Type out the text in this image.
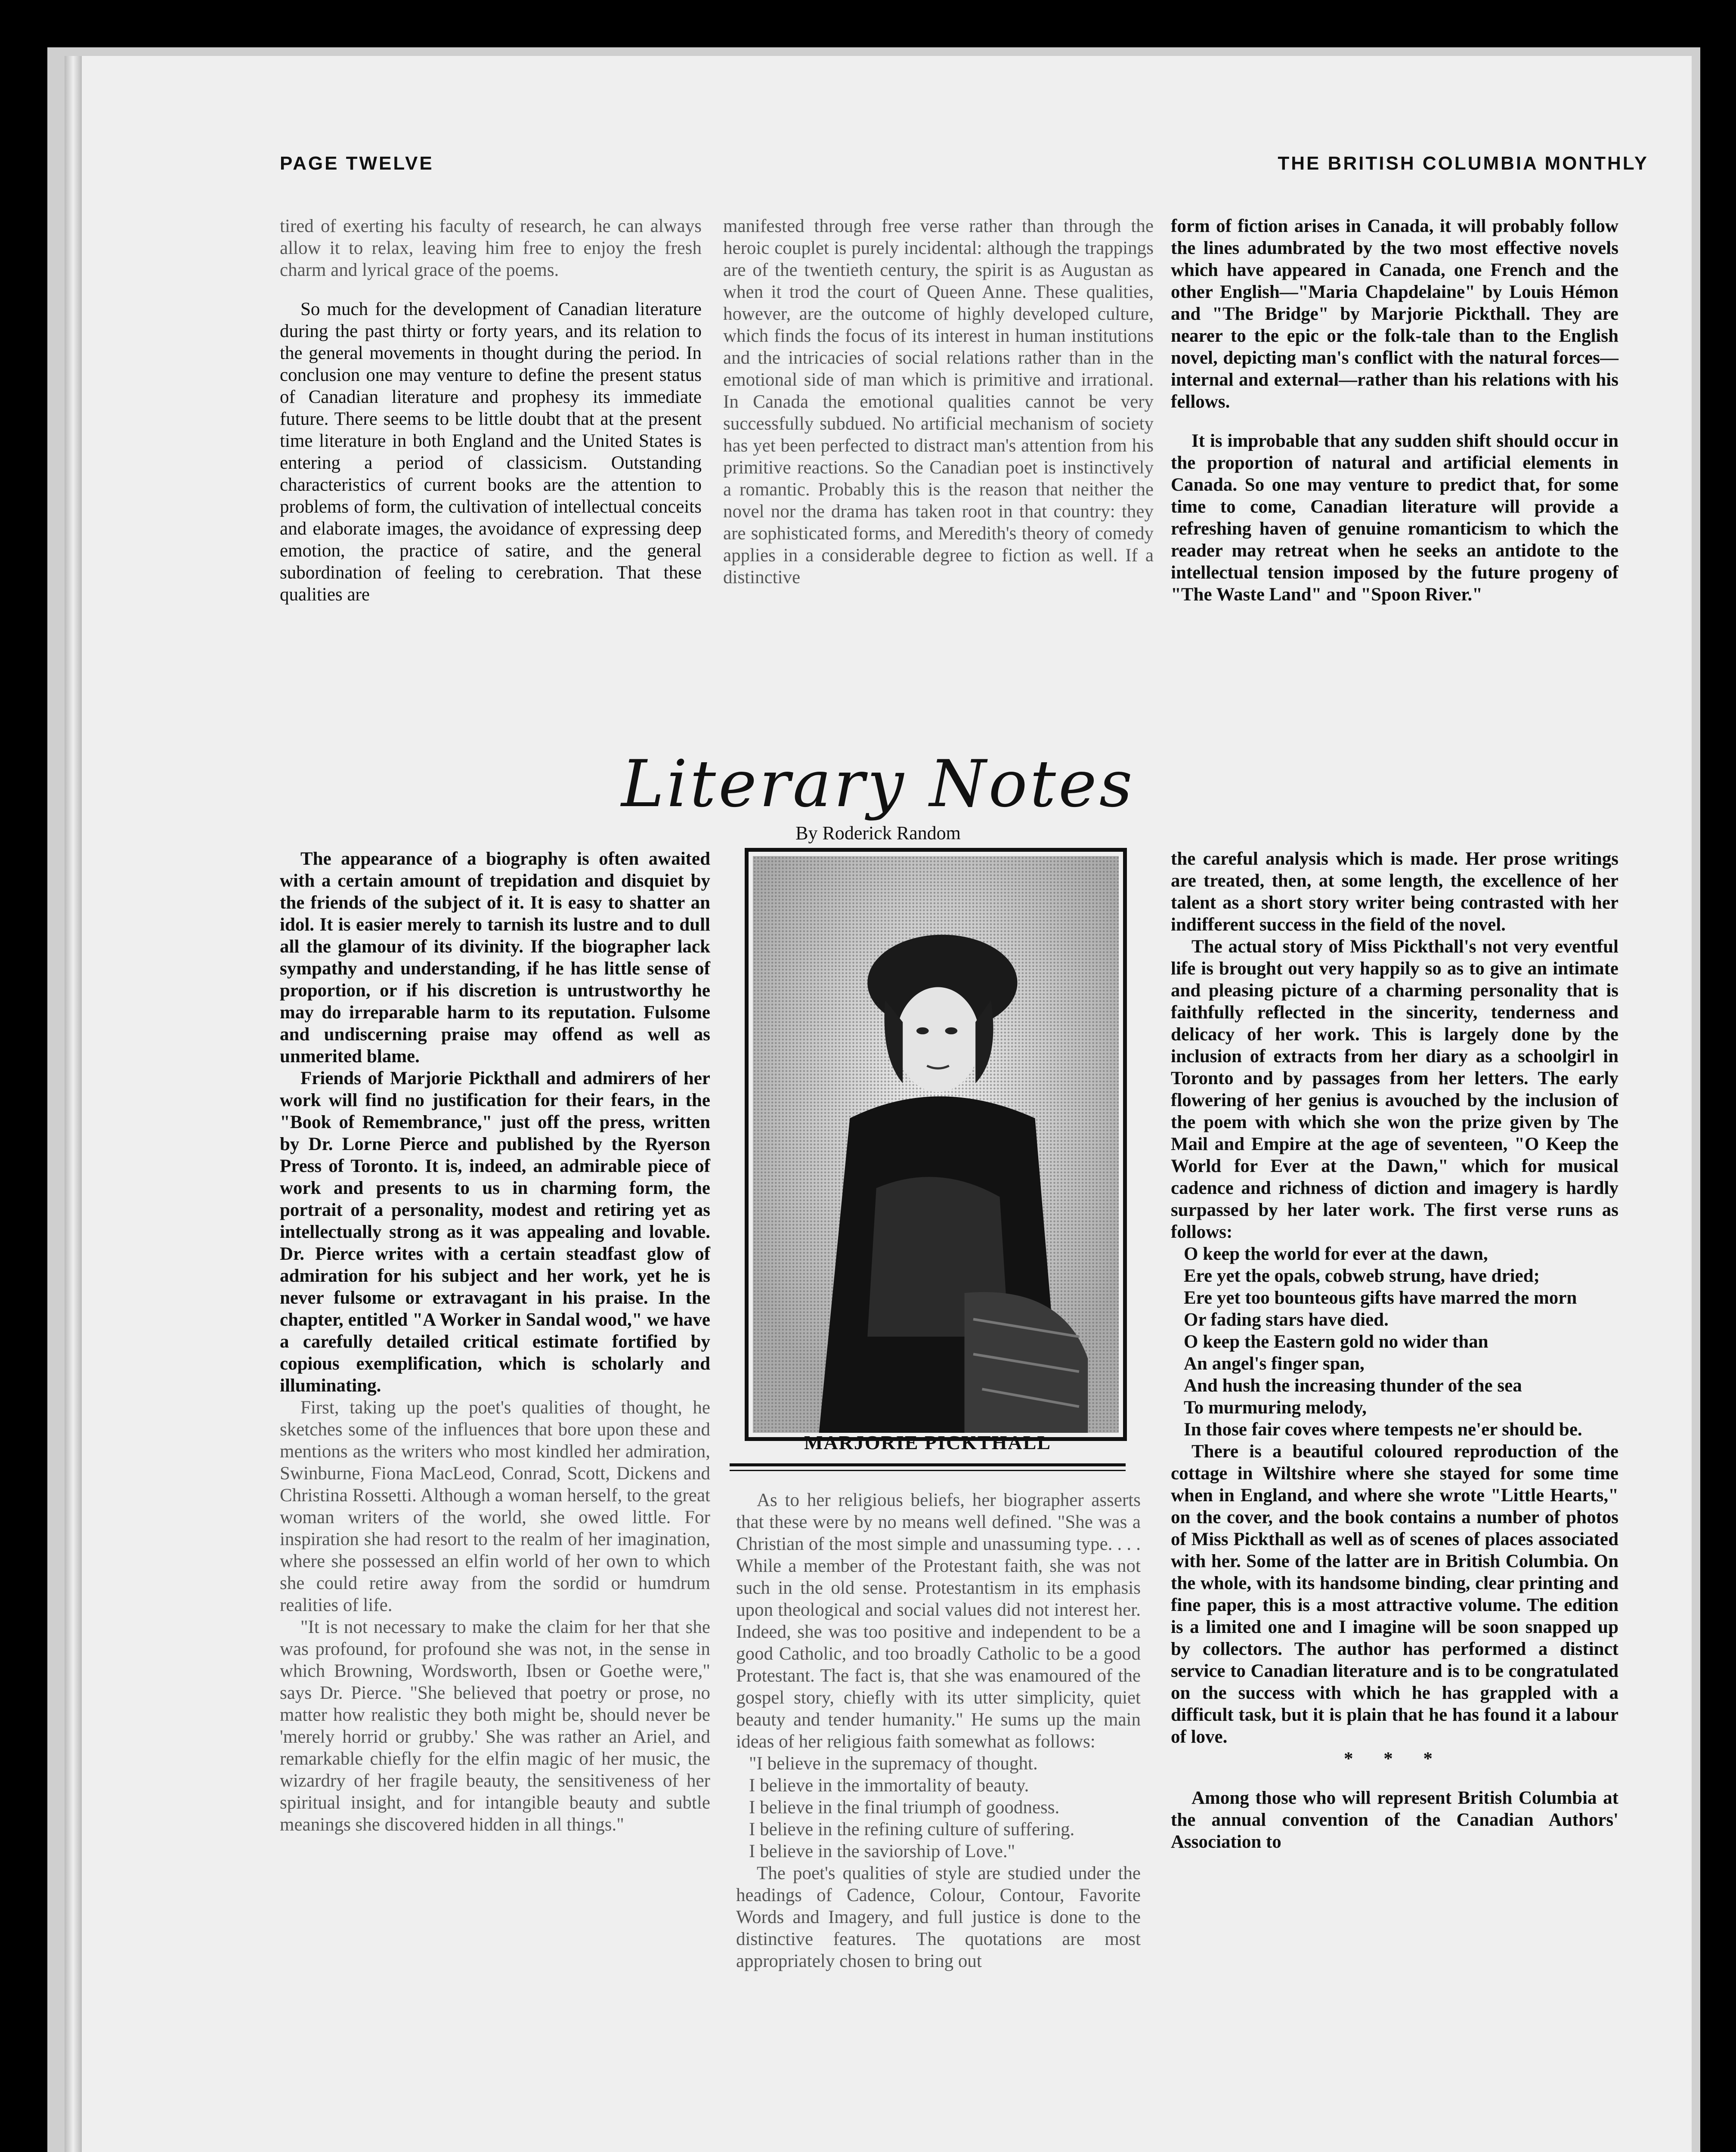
PAGE TWELVE	THE BRITISH COLUMBIA MONTHLY

tired of exerting his faculty of research, he can always allow it to relax, leaving him free to enjoy the fresh charm and lyrical grace of the poems.

So much for the development of Canadian literature during the past thirty or forty years, and its relation to the general movements in thought during the period. In conclusion one may venture to define the present status of Canadian literature and prophesy its immediate future. There seems to be little doubt that at the present time literature in both England and the United States is entering a period of classicism. Outstanding characteristics of current books are the attention to problems of form, the cultivation of intellectual conceits and elaborate images, the avoidance of expressing deep emotion, the practice of satire, and the general subordination of feeling to cerebration. That these qualities are

manifested through free verse rather than through the heroic couplet is purely incidental: although the trappings are of the twentieth century, the spirit is as Augustan as when it trod the court of Queen Anne. These qualities, however, are the outcome of highly developed culture, which finds the focus of its interest in human institutions and the intricacies of social relations rather than in the emotional side of man which is primitive and irrational. In Canada the emotional qualities cannot be very successfully subdued. No artificial mechanism of society has yet been perfected to distract man's attention from his primitive reactions. So the Canadian poet is instinctively a romantic. Probably this is the reason that neither the novel nor the drama has taken root in that country: they are sophisticated forms, and Meredith's theory of comedy applies in a considerable degree to fiction as well. If a distinctive

form of fiction arises in Canada, it will probably follow the lines adumbrated by the two most effective novels which have appeared in Canada, one French and the other English—"Maria Chapdelaine" by Louis Hémon and "The Bridge" by Marjorie Pickthall. They are nearer to the epic or the folk-tale than to the English novel, depicting man's conflict with the natural forces—internal and external—rather than his relations with his fellows.

It is improbable that any sudden shift should occur in the proportion of natural and artificial elements in Canada. So one may venture to predict that, for some time to come, Canadian literature will provide a refreshing haven of genuine romanticism to which the reader may retreat when he seeks an antidote to the intellectual tension imposed by the future progeny of "The Waste Land" and "Spoon River."

Literary Notes
By Roderick Random

The appearance of a biography is often awaited with a certain amount of trepidation and disquiet by the friends of the subject of it. It is easy to shatter an idol. It is easier merely to tarnish its lustre and to dull all the glamour of its divinity. If the biographer lack sympathy and understanding, if he has little sense of proportion, or if his discretion is untrustworthy he may do irreparable harm to its reputation. Fulsome and undiscerning praise may offend as well as unmerited blame.

Friends of Marjorie Pickthall and admirers of her work will find no justification for their fears, in the "Book of Remembrance," just off the press, written by Dr. Lorne Pierce and published by the Ryerson Press of Toronto. It is, indeed, an admirable piece of work and presents to us in charming form, the portrait of a personality, modest and retiring yet as intellectually strong as it was appealing and lovable. Dr. Pierce writes with a certain steadfast glow of admiration for his subject and her work, yet he is never fulsome or extravagant in his praise. In the chapter, entitled "A Worker in Sandal wood," we have a carefully detailed critical estimate fortified by copious exemplification, which is scholarly and illuminating.

First, taking up the poet's qualities of thought, he sketches some of the influences that bore upon these and mentions as the writers who most kindled her admiration, Swinburne, Fiona MacLeod, Conrad, Scott, Dickens and Christina Rossetti. Although a woman herself, to the great woman writers of the world, she owed little. For inspiration she had resort to the realm of her imagination, where she possessed an elfin world of her own to which she could retire away from the sordid or humdrum realities of life.

"It is not necessary to make the claim for her that she was profound, for profound she was not, in the sense in which Browning, Wordsworth, Ibsen or Goethe were," says Dr. Pierce. "She believed that poetry or prose, no matter how realistic they both might be, should never be 'merely horrid or grubby.' She was rather an Ariel, and remarkable chiefly for the elfin magic of her music, the wizardry of her fragile beauty, the sensitiveness of her spiritual insight, and for intangible beauty and subtle meanings she discovered hidden in all things."

MARJORIE PICKTHALL

As to her religious beliefs, her biographer asserts that these were by no means well defined. "She was a Christian of the most simple and unassuming type. . . . While a member of the Protestant faith, she was not such in the old sense. Protestantism in its emphasis upon theological and social values did not interest her. Indeed, she was too positive and independent to be a good Catholic, and too broadly Catholic to be a good Protestant. The fact is, that she was enamoured of the gospel story, chiefly with its utter simplicity, quiet beauty and tender humanity." He sums up the main ideas of her religious faith somewhat as follows:

"I believe in the supremacy of thought.

I believe in the immortality of beauty.

I believe in the final triumph of goodness.

I believe in the refining culture of suffering.

I believe in the saviorship of Love."

The poet's qualities of style are studied under the headings of Cadence, Colour, Contour, Favorite Words and Imagery, and full justice is done to the distinctive features. The quotations are most appropriately chosen to bring out

the careful analysis which is made. Her prose writings are treated, then, at some length, the excellence of her talent as a short story writer being contrasted with her indifferent success in the field of the novel.

The actual story of Miss Pickthall's not very eventful life is brought out very happily so as to give an intimate and pleasing picture of a charming personality that is faithfully reflected in the sincerity, tenderness and delicacy of her work. This is largely done by the inclusion of extracts from her diary as a schoolgirl in Toronto and by passages from her letters. The early flowering of her genius is avouched by the inclusion of the poem with which she won the prize given by The Mail and Empire at the age of seventeen, "O Keep the World for Ever at the Dawn," which for musical cadence and richness of diction and imagery is hardly surpassed by her later work. The first verse runs as follows:

O keep the world for ever at the dawn,

Ere yet the opals, cobweb strung, have dried;

Ere yet too bounteous gifts have marred the morn

Or fading stars have died.

O keep the Eastern gold no wider than

An angel's finger span,

And hush the increasing thunder of the sea

To murmuring melody,

In those fair coves where tempests ne'er should be.

There is a beautiful coloured reproduction of the cottage in Wiltshire where she stayed for some time when in England, and where she wrote "Little Hearts," on the cover, and the book contains a number of photos of Miss Pickthall as well as of scenes of places associated with her. Some of the latter are in British Columbia. On the whole, with its handsome binding, clear printing and fine paper, this is a most attractive volume. The edition is a limited one and I imagine will be soon snapped up by collectors. The author has performed a distinct service to Canadian literature and is to be congratulated on the success with which he has grappled with a difficult task, but it is plain that he has found it a labour of love.

* * *

Among those who will represent British Columbia at the annual convention of the Canadian Authors' Association to
